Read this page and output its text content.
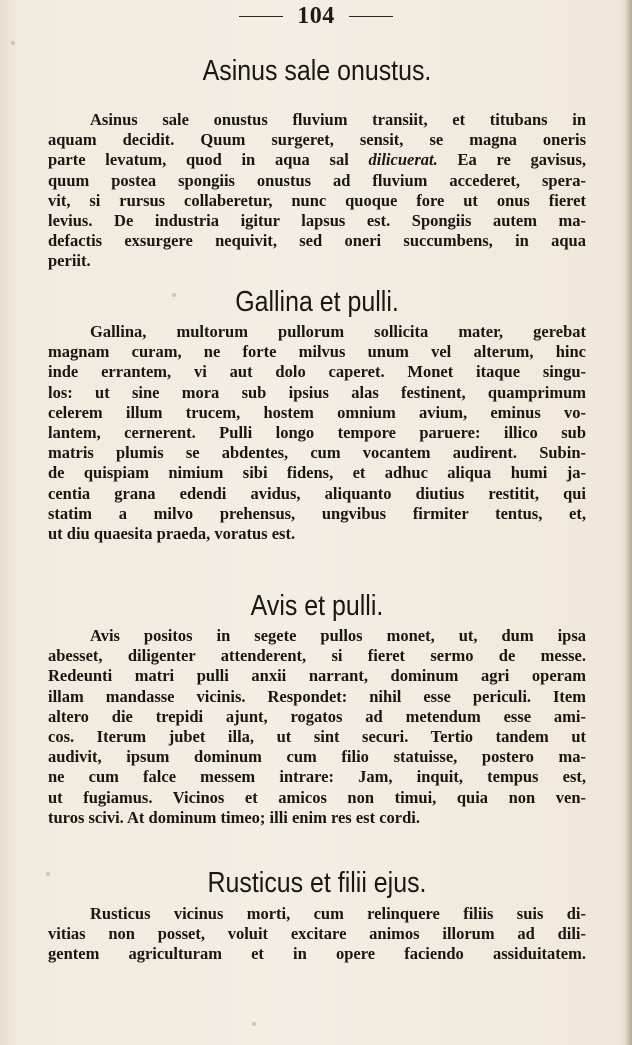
104
Asinus sale onustus.
Asinus sale onustus fluvium transiit, et titubans in
aquam decidit. Quum surgeret, sensit, se magna oneris
parte levatum, quod in aqua sal dilicuerat. Ea re gavisus,
quum postea spongiis onustus ad fluvium accederet, spera-
vit, si rursus collaberetur, nunc quoque fore ut onus fieret
levius. De industria igitur lapsus est. Spongiis autem ma-
defactis exsurgere nequivit, sed oneri succumbens, in aqua
periit.
Gallina et pulli.
Gallina, multorum pullorum sollicita mater, gerebat
magnam curam, ne forte milvus unum vel alterum, hinc
inde errantem, vi aut dolo caperet. Monet itaque singu-
los: ut sine mora sub ipsius alas festinent, quamprimum
celerem illum trucem, hostem omnium avium, eminus vo-
lantem, cernerent. Pulli longo tempore paruere: illico sub
matris plumis se abdentes, cum vocantem audirent. Subin-
de quispiam nimium sibi fidens, et adhuc aliqua humi ja-
centia grana edendi avidus, aliquanto diutius restitit, qui
statim a milvo prehensus, ungvibus firmiter tentus, et,
ut diu quaesita praeda, voratus est.
Avis et pulli.
Avis positos in segete pullos monet, ut, dum ipsa
abesset, diligenter attenderent, si fieret sermo de messe.
Redeunti matri pulli anxii narrant, dominum agri operam
illam mandasse vicinis. Respondet: nihil esse periculi. Item
altero die trepidi ajunt, rogatos ad metendum esse ami-
cos. Iterum jubet illa, ut sint securi. Tertio tandem ut
audivit, ipsum dominum cum filio statuisse, postero ma-
ne cum falce messem intrare: Jam, inquit, tempus est,
ut fugiamus. Vicinos et amicos non timui, quia non ven-
turos scivi. At dominum timeo; illi enim res est cordi.
Rusticus et filii ejus.
Rusticus vicinus morti, cum relinquere filiis suis di-
vitias non posset, voluit excitare animos illorum ad dili-
gentem agriculturam et in opere faciendo assiduitatem.
